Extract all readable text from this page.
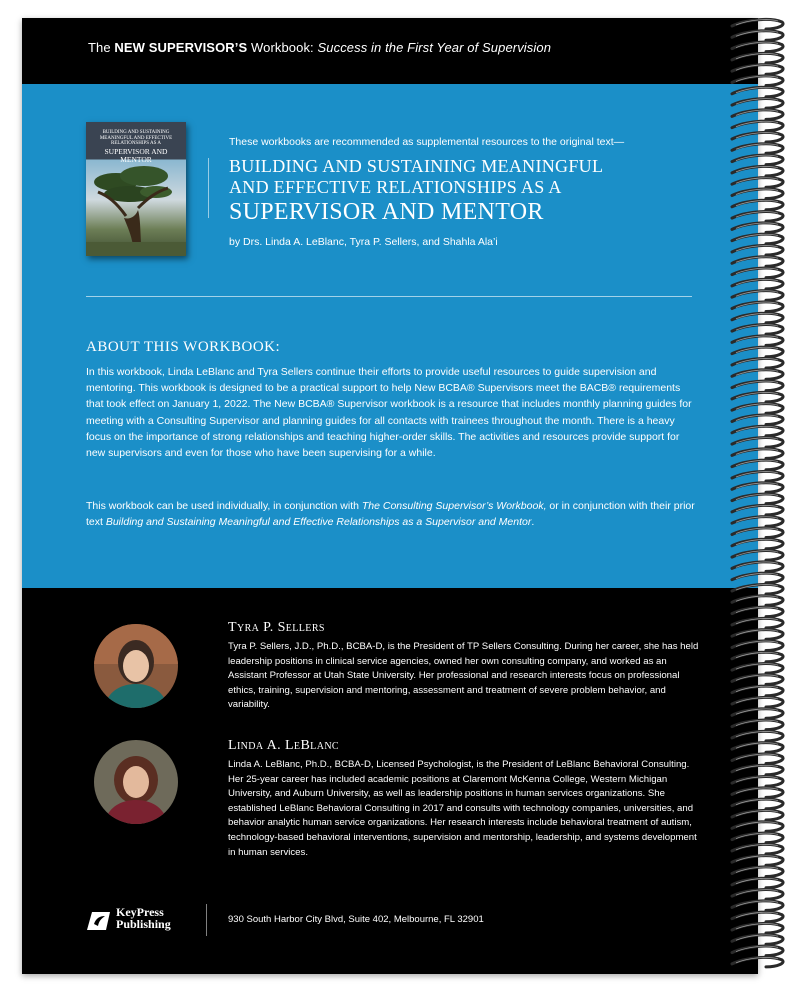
The NEW SUPERVISOR’S Workbook: Success in the First Year of Supervision
BUILDING AND SUSTAINING
MEANINGFUL AND EFFECTIVE
RELATIONSHIPS AS A
SUPERVISOR AND MENTOR
These workbooks are recommended as supplemental resources to the original text—
BUILDING AND SUSTAINING MEANINGFUL
AND EFFECTIVE RELATIONSHIPS AS A
SUPERVISOR AND MENTOR
by Drs. Linda A. LeBlanc, Tyra P. Sellers, and Shahla Ala’i
ABOUT THIS WORKBOOK:

In this workbook, Linda LeBlanc and Tyra Sellers continue their efforts to provide useful resources to guide supervision and mentoring. This workbook is designed to be a practical support to help New BCBA® Supervisors meet the BACB® requirements that took effect on January 1, 2022. The New BCBA® Supervisor workbook is a resource that includes monthly planning guides for meeting with a Consulting Supervisor and planning guides for all contacts with trainees throughout the month. There is a heavy focus on the importance of strong relationships and teaching higher-order skills. The activities and resources provide support for new supervisors and even for those who have been supervising for a while.

This workbook can be used individually, in conjunction with The Consulting Supervisor’s Workbook, or in conjunction with their prior text Building and Sustaining Meaningful and Effective Relationships as a Supervisor and Mentor.

Tyra P. Sellers

Tyra P. Sellers, J.D., Ph.D., BCBA-D, is the President of TP Sellers Consulting. During her career, she has held leadership positions in clinical service agencies, owned her own consulting company, and worked as an Assistant Professor at Utah State University. Her professional and research interests focus on professional ethics, training, supervision and mentoring, assessment and treatment of severe problem behavior, and variability.

Linda A. LeBlanc

Linda A. LeBlanc, Ph.D., BCBA-D, Licensed Psychologist, is the President of LeBlanc Behavioral Consulting. Her 25-year career has included academic positions at Claremont McKenna College, Western Michigan University, and Auburn University, as well as leadership positions in human services organizations. She established LeBlanc Behavioral Consulting in 2017 and consults with technology companies, universities, and behavior analytic human service organizations. Her research interests include behavioral treatment of autism, technology-based behavioral interventions, supervision and mentorship, leadership, and systems development in human services.

KeyPress
Publishing	930 South Harbor City Blvd, Suite 402, Melbourne, FL 32901
